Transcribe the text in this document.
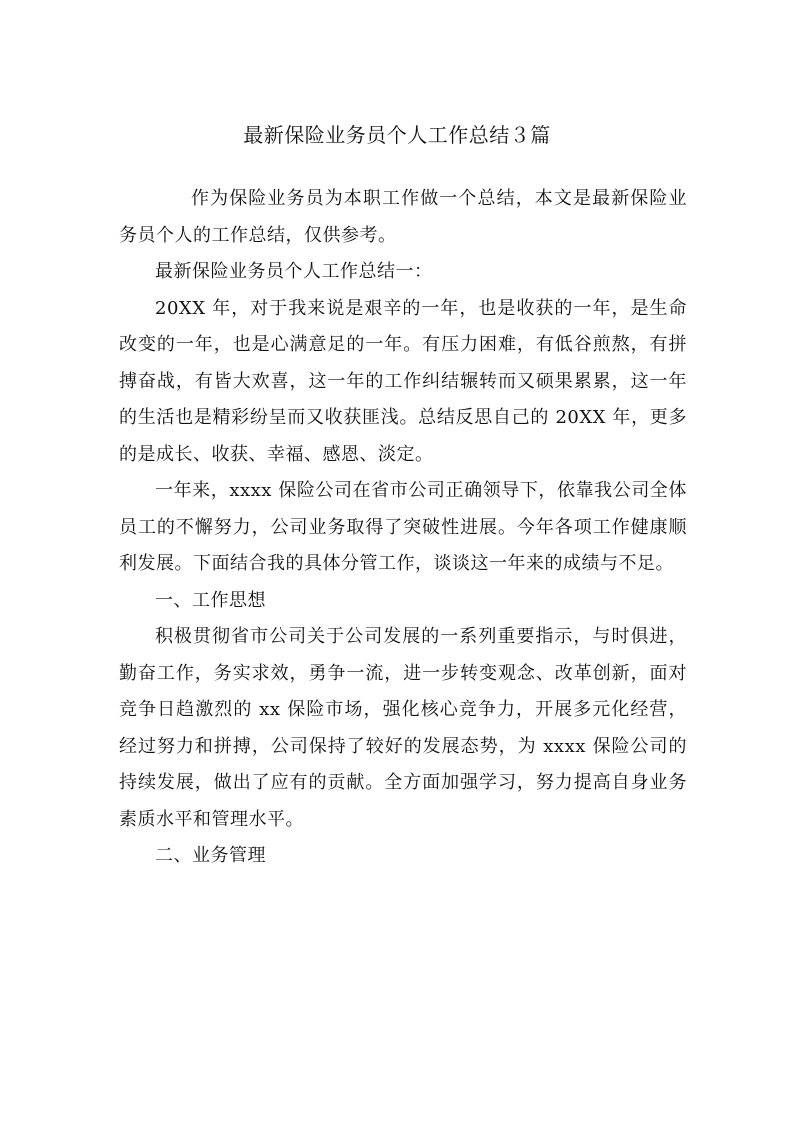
最新保险业务员个人工作总结３篇

作为保险业务员为本职工作做一个总结，本文是最新保险业务员个人的工作总结，仅供参考。

最新保险业务员个人工作总结一：

20XX 年，对于我来说是艰辛的一年，也是收获的一年，是生命改变的一年，也是心满意足的一年。有压力困难，有低谷煎熬，有拼搏奋战，有皆大欢喜，这一年的工作纠结辗转而又硕果累累，这一年的生活也是精彩纷呈而又收获匪浅。总结反思自己的 20XX 年，更多的是成长、收获、幸福、感恩、淡定。

一年来，xxxx 保险公司在省市公司正确领导下，依靠我公司全体员工的不懈努力，公司业务取得了突破性进展。今年各项工作健康顺利发展。下面结合我的具体分管工作，谈谈这一年来的成绩与不足。

一、工作思想

积极贯彻省市公司关于公司发展的一系列重要指示，与时俱进，勤奋工作，务实求效，勇争一流，进一步转变观念、改革创新，面对竞争日趋激烈的 xx 保险市场，强化核心竞争力，开展多元化经营，经过努力和拼搏，公司保持了较好的发展态势，为 xxxx 保险公司的持续发展，做出了应有的贡献。全方面加强学习，努力提高自身业务素质水平和管理水平。

二、业务管理
